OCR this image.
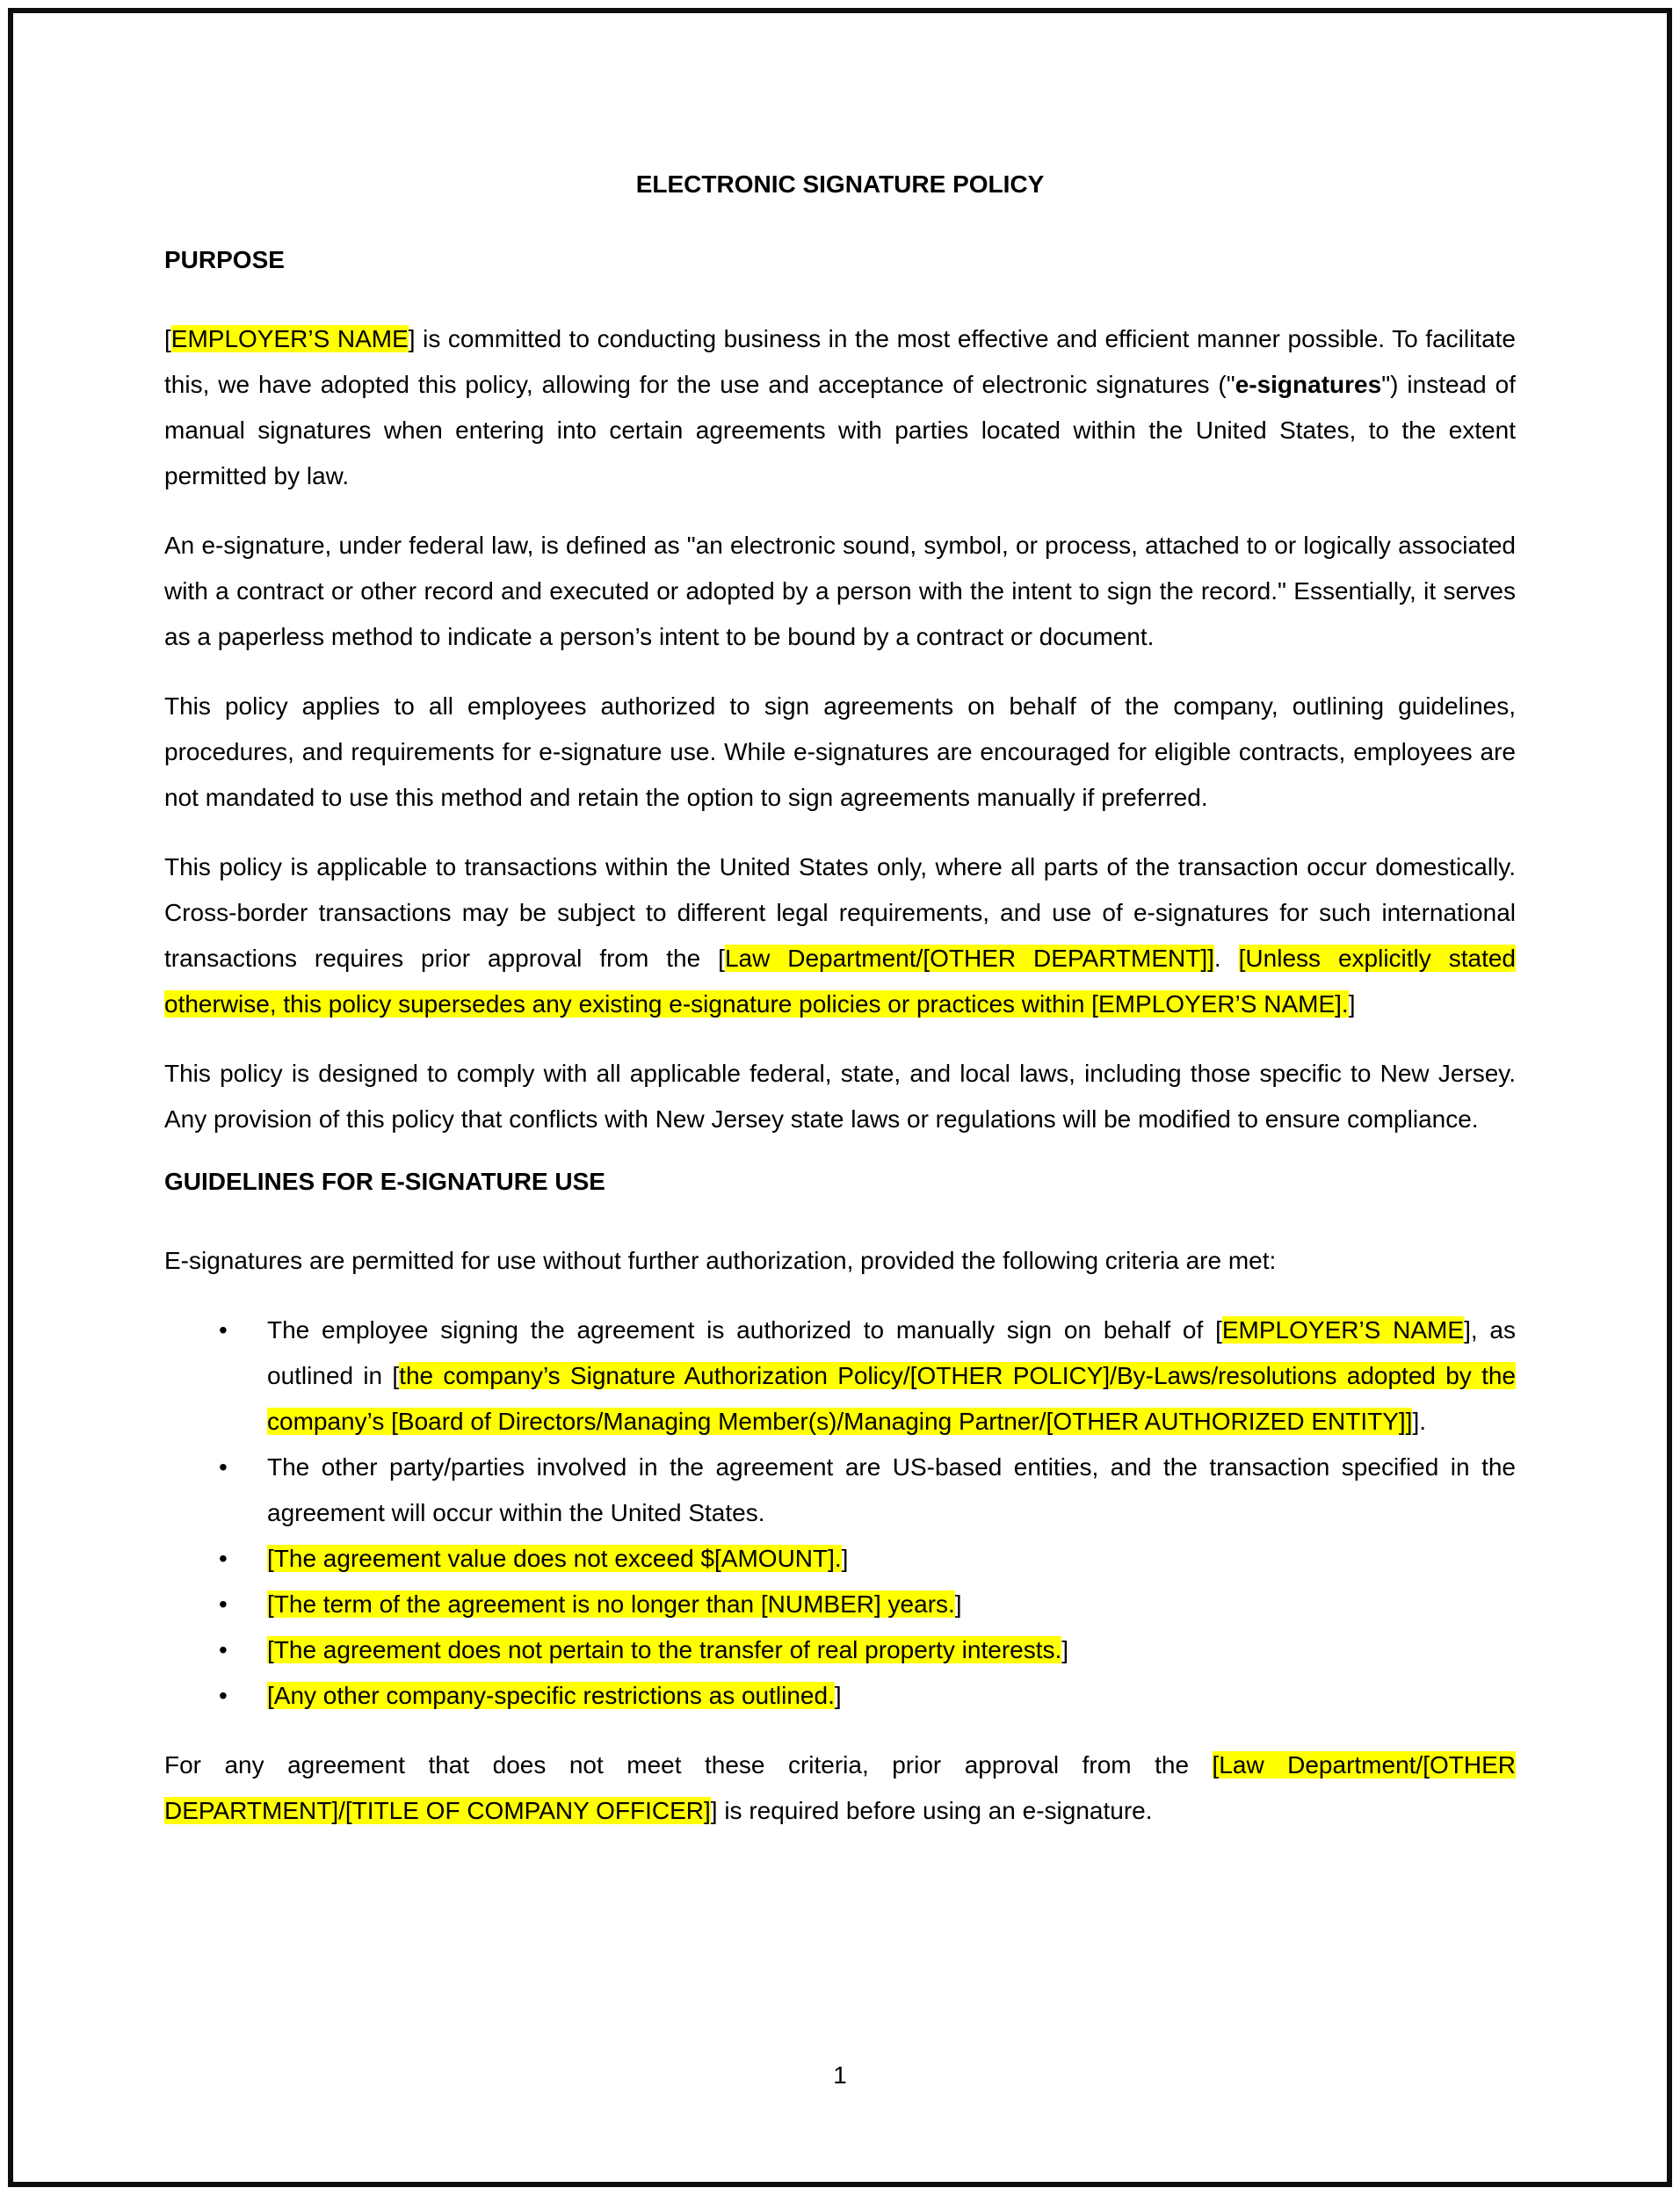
ELECTRONIC SIGNATURE POLICY
PURPOSE

[EMPLOYER’S NAME] is committed to conducting business in the most effective and efficient manner possible. To facilitate this, we have adopted this policy, allowing for the use and acceptance of electronic signatures ("e-signatures") instead of manual signatures when entering into certain agreements with parties located within the United States, to the extent permitted by law.

An e-signature, under federal law, is defined as "an electronic sound, symbol, or process, attached to or logically associated with a contract or other record and executed or adopted by a person with the intent to sign the record." Essentially, it serves as a paperless method to indicate a person’s intent to be bound by a contract or document.

This policy applies to all employees authorized to sign agreements on behalf of the company, outlining guidelines, procedures, and requirements for e-signature use. While e-signatures are encouraged for eligible contracts, employees are not mandated to use this method and retain the option to sign agreements manually if preferred.

This policy is applicable to transactions within the United States only, where all parts of the transaction occur domestically. Cross-border transactions may be subject to different legal requirements, and use of e-signatures for such international transactions requires prior approval from the [Law Department/[OTHER DEPARTMENT]]. [Unless explicitly stated otherwise, this policy supersedes any existing e-signature policies or practices within [EMPLOYER’S NAME].]

This policy is designed to comply with all applicable federal, state, and local laws, including those specific to New Jersey. Any provision of this policy that conflicts with New Jersey state laws or regulations will be modified to ensure compliance.

GUIDELINES FOR E-SIGNATURE USE

E-signatures are permitted for use without further authorization, provided the following criteria are met:

• The employee signing the agreement is authorized to manually sign on behalf of [EMPLOYER’S NAME], as outlined in [the company’s Signature Authorization Policy/[OTHER POLICY]/By-Laws/resolutions adopted by the company’s [Board of Directors/Managing Member(s)/Managing Partner/[OTHER AUTHORIZED ENTITY]]].
• The other party/parties involved in the agreement are US-based entities, and the transaction specified in the agreement will occur within the United States.
• [The agreement value does not exceed $[AMOUNT].]
• [The term of the agreement is no longer than [NUMBER] years.]
• [The agreement does not pertain to the transfer of real property interests.]
• [Any other company-specific restrictions as outlined.]

For any agreement that does not meet these criteria, prior approval from the [Law Department/[OTHER DEPARTMENT]/[TITLE OF COMPANY OFFICER]] is required before using an e-signature.

1
